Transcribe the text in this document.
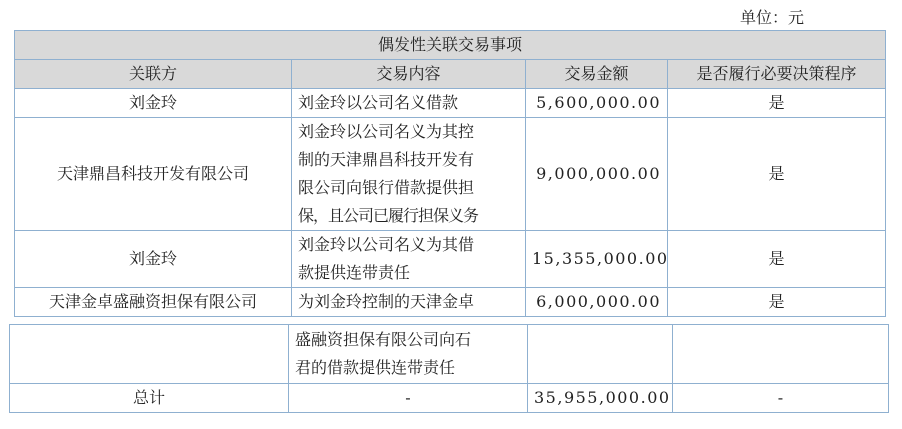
单位：元
偶发性关联交易事项			
关联方	交易内容	交易金额	是否履行必要决策程序
刘金玲	刘金玲以公司名义借款	5,600,000.00	是
天津鼎昌科技开发有限公司	刘金玲以公司名义为其控
制的天津鼎昌科技开发有
限公司向银行借款提供担
保，且公司已履行担保义务	9,000,000.00	是
刘金玲	刘金玲以公司名义为其借
款提供连带责任	15,355,000.00	是
天津金卓盛融资担保有限公司	为刘金玲控制的天津金卓	6,000,000.00	是

	盛融资担保有限公司向石
君的借款提供连带责任		

总计	-	35,955,000.00	-
